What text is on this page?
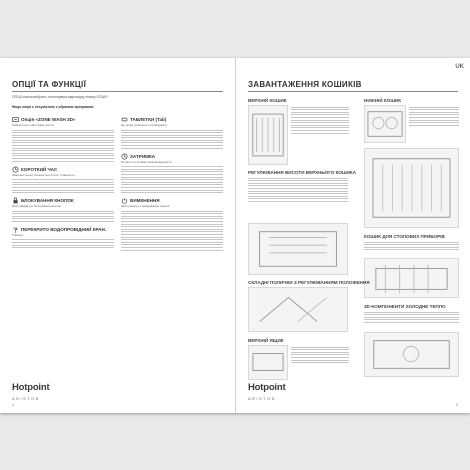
ОПЦІЇ ТА ФУНКЦІЇ
ОПЦІЇ можна вибрати, натиснувши відповідну кнопку ОПЦІЯ
Якщо опція є несумісною з обраною програмою
Опція «ZONE WASH 3D»
Забезпечує ефективне миття
КОРОТКИЙ ЧАС
Завдяки цьому можна скоротити тривалість
БЛОКУВАННЯ КНОПОК
Щоб увімкнути блокування кнопок
ПЕРЕКРИТО ВОДОПРОВІДНИЙ КРАН.
Тривога
ТАБЛЕТКИ (Tab)
Ця опція дозволяє оптимізувати
ЗАТРИМКА
Початок програми можна відкласти
ВИМКНЕННЯ
Щоб уникнути марнування енергії
Hotpoint
ARISTON
4
UK
ЗАВАНТАЖЕННЯ КОШИКІВ
ВЕРХНІЙ КОШИК	НИЖНІЙ КОШИК
РЕГУЛЮВАННЯ ВИСОТИ ВЕРХНЬОГО КОШИКА
КОШИК ДЛЯ СТОЛОВИХ ПРИБОРІВ
СКЛАДНІ ПОЛИЧКИ З РЕГУЛЮВАННЯМ ПОЛОЖЕННЯ
ВЕРХНІЙ ЯЩИК
3D-КОМПОНЕНТИ ХОЛОДНЕ ТЕПЛО
Hotpoint
ARISTON
5
